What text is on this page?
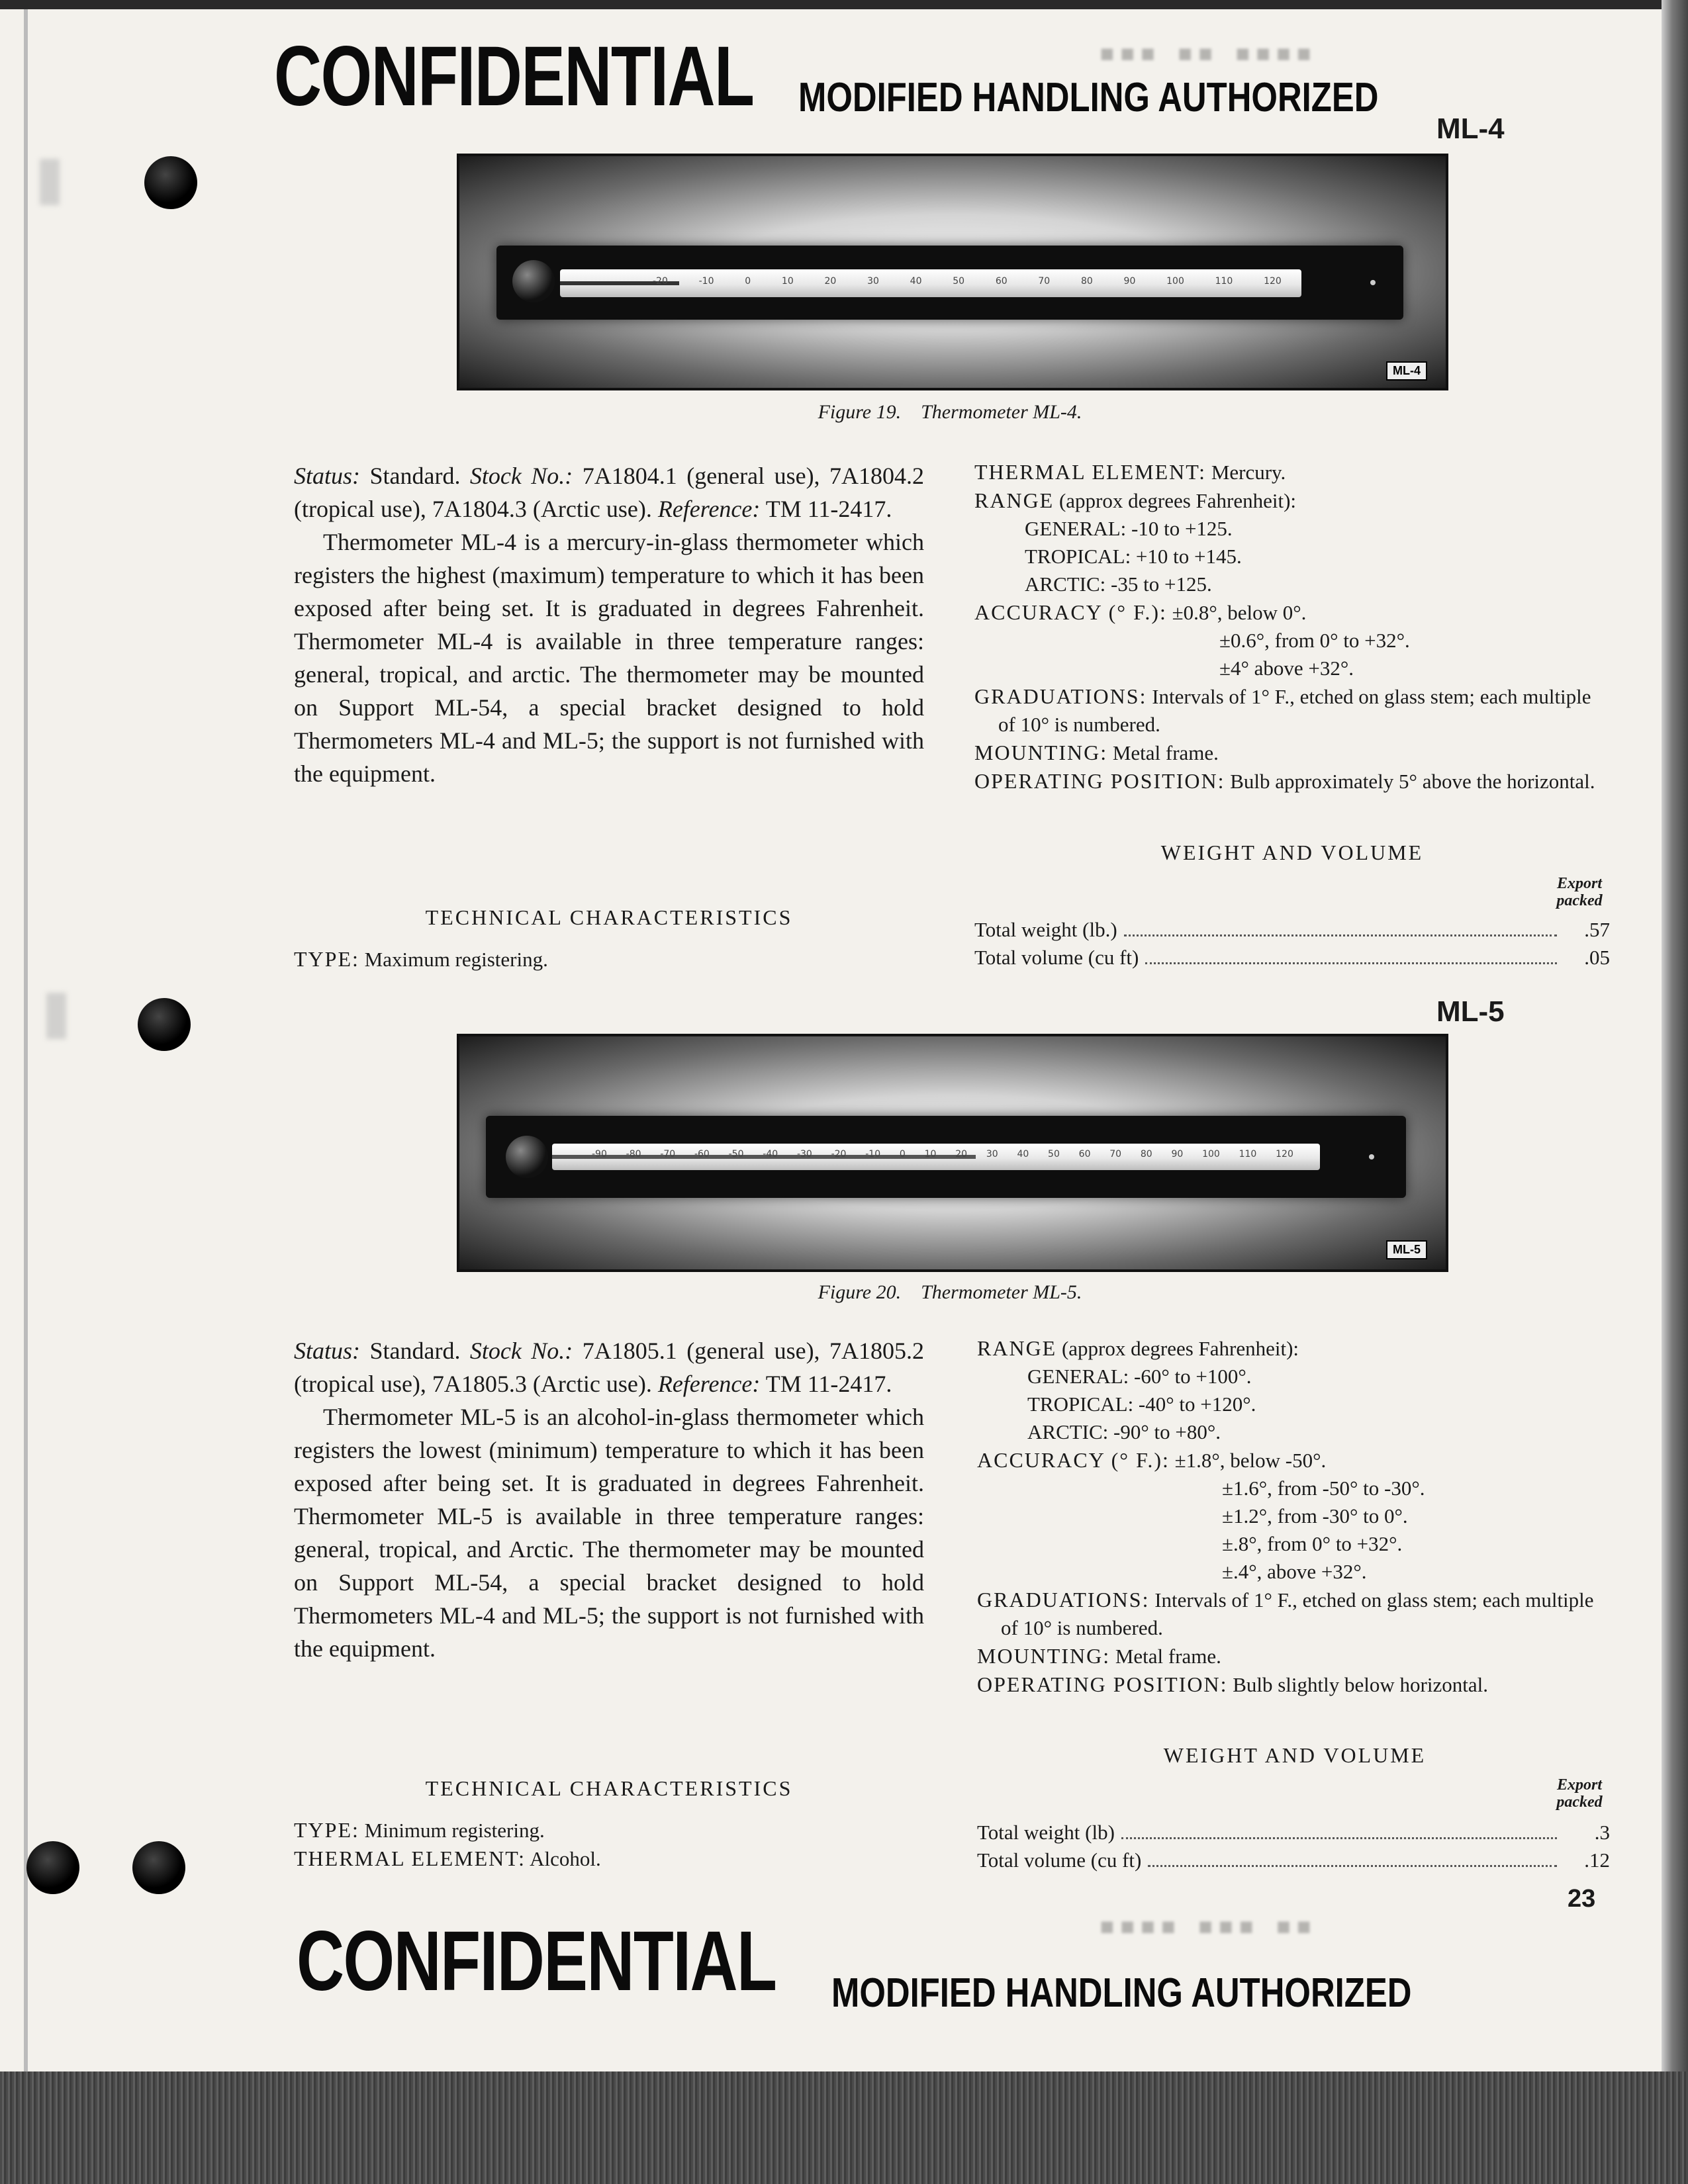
CONFIDENTIAL MODIFIED HANDLING AUTHORIZED
▪▪▪ ▪▪ ▪▪▪▪
ML-4
-20	-10	0	10	20	30	40	50	60	70	80	90	100	110	120
ML-4
Figure 19. Thermometer ML-4.

Status: Standard. Stock No.: 7A1804.1 (general use), 7A1804.2 (tropical use), 7A1804.3 (Arctic use). Reference: TM 11-2417.

Thermometer ML-4 is a mercury-in-glass thermometer which registers the highest (maximum) temperature to which it has been exposed after being set. It is graduated in degrees Fahrenheit. Thermometer ML-4 is available in three temperature ranges: general, tropical, and arctic. The thermometer may be mounted on Support ML-54, a special bracket designed to hold Thermometers ML-4 and ML-5; the support is not furnished with the equipment.

TECHNICAL CHARACTERISTICS
TYPE: Maximum registering.
THERMAL ELEMENT: Mercury.
RANGE (approx degrees Fahrenheit):
GENERAL: -10 to +125.
TROPICAL: +10 to +145.
ARCTIC: -35 to +125.
ACCURACY (° F.): ±0.8°, below 0°.
±0.6°, from 0° to +32°.
±4° above +32°.
GRADUATIONS: Intervals of 1° F., etched on glass stem; each multiple of 10° is numbered.
MOUNTING: Metal frame.
OPERATING POSITION: Bulb approximately 5° above the horizontal.
WEIGHT AND VOLUME
Export packed
Total weight (lb.)	.57
Total volume (cu ft)	.05
ML-5
-90 -80 -70 -60 -50 -40 -30 -20 -10 0 10 20 30 40 50 60 70 80 90 100 110 120
ML-5
Figure 20. Thermometer ML-5.

Status: Standard. Stock No.: 7A1805.1 (general use), 7A1805.2 (tropical use), 7A1805.3 (Arctic use). Reference: TM 11-2417.

Thermometer ML-5 is an alcohol-in-glass thermometer which registers the lowest (minimum) temperature to which it has been exposed after being set. It is graduated in degrees Fahrenheit. Thermometer ML-5 is available in three temperature ranges: general, tropical, and Arctic. The thermometer may be mounted on Support ML-54, a special bracket designed to hold Thermometers ML-4 and ML-5; the support is not furnished with the equipment.

TECHNICAL CHARACTERISTICS
TYPE: Minimum registering.
THERMAL ELEMENT: Alcohol.
RANGE (approx degrees Fahrenheit):
GENERAL: -60° to +100°.
TROPICAL: -40° to +120°.
ARCTIC: -90° to +80°.
ACCURACY (° F.): ±1.8°, below -50°.
±1.6°, from -50° to -30°.
±1.2°, from -30° to 0°.
±.8°, from 0° to +32°.
±.4°, above +32°.
GRADUATIONS: Intervals of 1° F., etched on glass stem; each multiple of 10° is numbered.
MOUNTING: Metal frame.
OPERATING POSITION: Bulb slightly below horizontal.
WEIGHT AND VOLUME
Export packed
Total weight (lb)	.3
Total volume (cu ft)	.12
23
▪▪▪▪ ▪▪▪ ▪▪
CONFIDENTIAL MODIFIED HANDLING AUTHORIZED
